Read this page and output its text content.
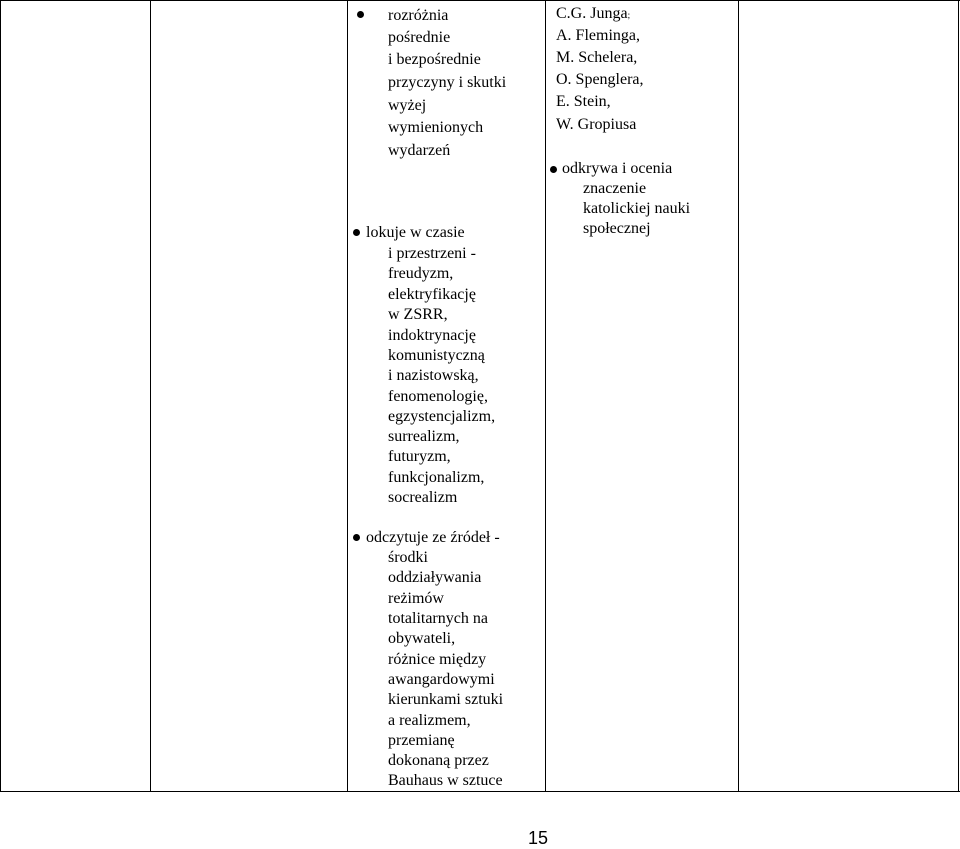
rozróżnia
pośrednie
i bezpośrednie
przyczyny i skutki
wyżej
wymienionych
wydarzeń
lokuje w czasie
i przestrzeni -
freudyzm,
elektryfikację
w ZSRR,
indoktrynację
komunistyczną
i nazistowską,
fenomenologię,
egzystencjalizm,
surrealizm,
futuryzm,
funkcjonalizm,
socrealizm
odczytuje ze źródeł -
środki
oddziaływania
reżimów
totalitarnych na
obywateli,
różnice między
awangardowymi
kierunkami sztuki
a realizmem,
przemianę
dokonaną przez
Bauhaus w sztuce
C.G. Junga;
A. Fleminga,
M. Schelera,
O. Spenglera,
E. Stein,
W. Gropiusa
odkrywa i ocenia
znaczenie
katolickiej nauki
społecznej
15
